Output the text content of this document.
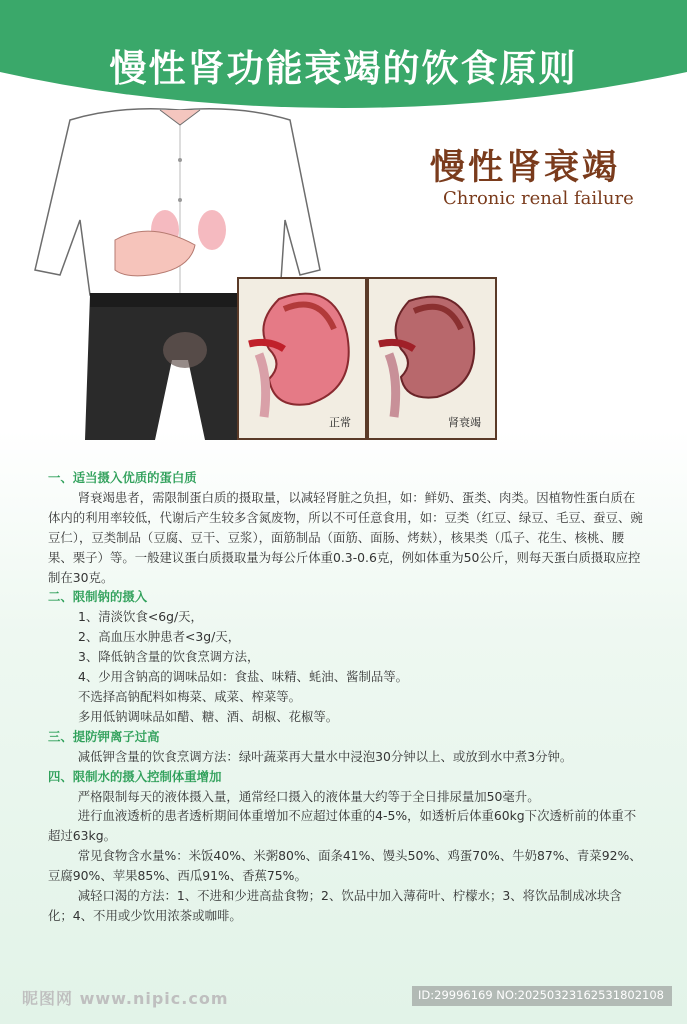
慢性肾功能衰竭的饮食原则
慢性肾衰竭
Chronic renal failure
正常	肾衰竭
一、适当摄入优质的蛋白质

肾衰竭患者，需限制蛋白质的摄取量，以减轻肾脏之负担，如：鲜奶、蛋类、肉类。因植物性蛋白质在体内的利用率较低，代谢后产生较多含氮废物，所以不可任意食用，如：豆类（红豆、绿豆、毛豆、蚕豆、豌豆仁），豆类制品（豆腐、豆干、豆浆），面筋制品（面筋、面肠、烤麸），核果类（瓜子、花生、核桃、腰果、栗子）等。一般建议蛋白质摄取量为每公斤体重0.3-0.6克，例如体重为50公斤，则每天蛋白质摄取应控制在30克。

二、限制钠的摄入

1、清淡饮食<6g/天，

2、高血压水肿患者<3g/天，

3、降低钠含量的饮食烹调方法，

4、少用含钠高的调味品如：食盐、味精、蚝油、酱制品等。

不选择高钠配料如梅菜、咸菜、榨菜等。

多用低钠调味品如醋、糖、酒、胡椒、花椒等。

三、提防钾离子过高

减低钾含量的饮食烹调方法：绿叶蔬菜再大量水中浸泡30分钟以上、或放到水中煮3分钟。

四、限制水的摄入控制体重增加

严格限制每天的液体摄入量，通常经口摄入的液体量大约等于全日排尿量加50毫升。

进行血液透析的患者透析期间体重增加不应超过体重的4-5%，如透析后体重60kg下次透析前的体重不超过63kg。

常见食物含水量%：米饭40%、米粥80%、面条41%、馒头50%、鸡蛋70%、牛奶87%、青菜92%、豆腐90%、苹果85%、西瓜91%、香蕉75%。

减轻口渴的方法：1、不进和少进高盐食物；2、饮品中加入薄荷叶、柠檬水；3、将饮品制成冰块含化；4、不用或少饮用浓茶或咖啡。

昵图网 www.nipic.com	ID:29996169 NO:20250323162531802108
